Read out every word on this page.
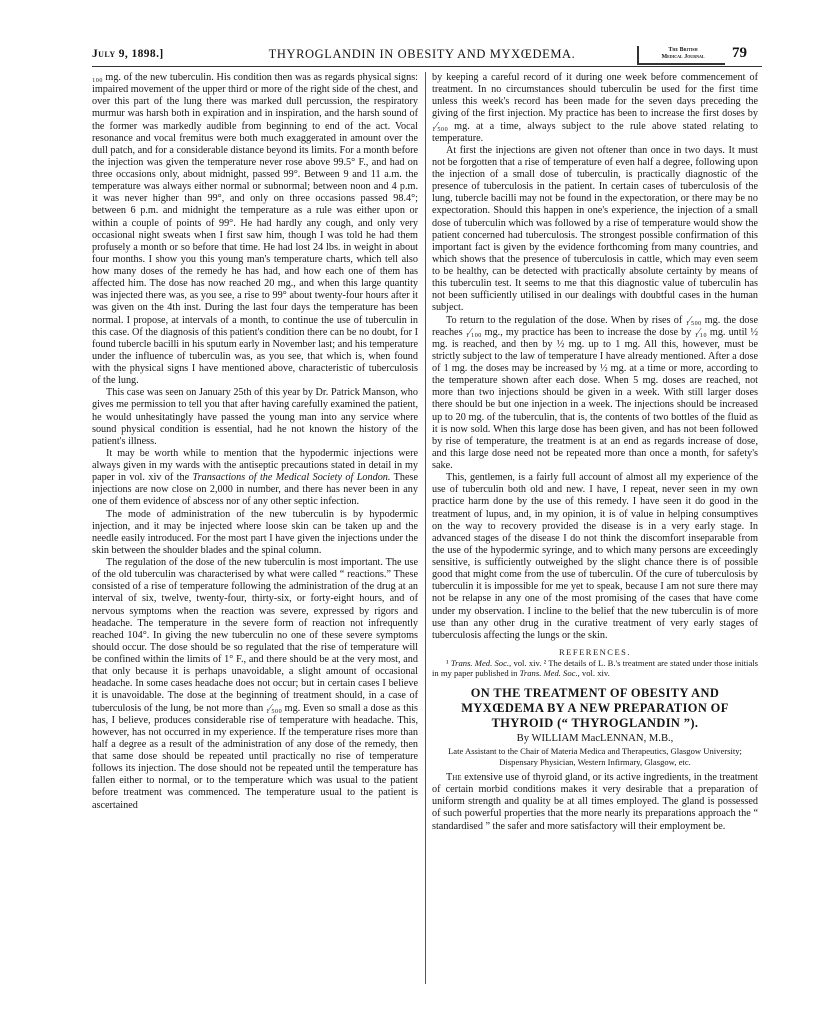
July 9, 1898.]	THYROGLANDIN IN OBESITY AND MYXŒDEMA.	The British
Medical Journal	79

₁₀₀ mg. of the new tuberculin. His condition then was as regards physical signs: impaired movement of the upper third or more of the right side of the chest, and over this part of the lung there was marked dull percussion, the respiratory murmur was harsh both in expiration and in inspiration, and the harsh sound of the former was markedly audible from beginning to end of the act. Vocal resonance and vocal fremitus were both much exaggerated in amount over the dull patch, and for a considerable distance beyond its limits. For a month before the injection was given the temperature never rose above 99.5° F., and had on three occasions only, about midnight, passed 99°. Between 9 and 11 a.m. the temperature was always either normal or subnormal; between noon and 4 p.m. it was never higher than 99°, and only on three occasions passed 98.4°; between 6 p.m. and midnight the temperature as a rule was either upon or within a couple of points of 99°. He had hardly any cough, and only very occasional night sweats when I first saw him, though I was told he had them profusely a month or so before that time. He had lost 24 lbs. in weight in about four months. I show you this young man's temperature charts, which tell also how many doses of the remedy he has had, and how each one of them has affected him. The dose has now reached 20 mg., and when this large quantity was injected there was, as you see, a rise to 99° about twenty-four hours after it was given on the 4th inst. During the last four days the temperature has been normal. I propose, at intervals of a month, to continue the use of tuberculin in this case. Of the diagnosis of this patient's condition there can be no doubt, for I found tubercle bacilli in his sputum early in November last; and his temperature under the influence of tuberculin was, as you see, that which is, when found with the physical signs I have mentioned above, characteristic of tuberculosis of the lung.

This case was seen on January 25th of this year by Dr. Patrick Manson, who gives me permission to tell you that after having carefully examined the patient, he would unhesitatingly have passed the young man into any service where sound physical condition is essential, had he not known the history of the patient's illness.

It may be worth while to mention that the hypodermic injections were always given in my wards with the antiseptic precautions stated in detail in my paper in vol. xiv of the Transactions of the Medical Society of London. These injections are now close on 2,000 in number, and there has never been in any one of them evidence of abscess nor of any other septic infection.

The mode of administration of the new tuberculin is by hypodermic injection, and it may be injected where loose skin can be taken up and the needle easily introduced. For the most part I have given the injections under the skin between the shoulder blades and the spinal column.

The regulation of the dose of the new tuberculin is most important. The use of the old tuberculin was characterised by what were called “ reactions.” These consisted of a rise of temperature following the administration of the drug at an interval of six, twelve, twenty-four, thirty-six, or forty-eight hours, and of nervous symptoms when the reaction was severe, expressed by rigors and headache. The temperature in the severe form of reaction not infrequently reached 104°. In giving the new tuberculin no one of these severe symptoms should occur. The dose should be so regulated that the rise of temperature will be confined within the limits of 1° F., and there should be at the very most, and that only because it is perhaps unavoidable, a slight amount of occasional headache. In some cases headache does not occur; but in certain cases I believe it is unavoidable. The dose at the beginning of treatment should, in a case of tuberculosis of the lung, be not more than ₁⁄₅₀₀ mg. Even so small a dose as this has, I believe, produces considerable rise of temperature with headache. This, however, has not occurred in my experience. If the temperature rises more than half a degree as a result of the administration of any dose of the remedy, then that same dose should be repeated until practically no rise of temperature follows its injection. The dose should not be repeated until the temperature has fallen either to normal, or to the temperature which was usual to the patient before treatment was commenced. The temperature usual to the patient is ascertained

by keeping a careful record of it during one week before commencement of treatment. In no circumstances should tuberculin be used for the first time unless this week's record has been made for the seven days preceding the giving of the first injection. My practice has been to increase the first doses by ₁⁄₅₀₀ mg. at a time, always subject to the rule above stated relating to temperature.

At first the injections are given not oftener than once in two days. It must not be forgotten that a rise of temperature of even half a degree, following upon the injection of a small dose of tuberculin, is practically diagnostic of the presence of tuberculosis in the patient. In certain cases of tuberculosis of the lung, tubercle bacilli may not be found in the expectoration, or there may be no expectoration. Should this happen in one's experience, the injection of a small dose of tuberculin which was followed by a rise of temperature would show the patient concerned had tuberculosis. The strongest possible confirmation of this important fact is given by the evidence forthcoming from many countries, and which shows that the presence of tuberculosis in cattle, which may even seem to be healthy, can be detected with practically absolute certainty by means of this tuberculin test. It seems to me that this diagnostic value of tuberculin has not been sufficiently utilised in our dealings with doubtful cases in the human subject.

To return to the regulation of the dose. When by rises of ₁⁄₅₀₀ mg. the dose reaches ₁⁄₁₀₀ mg., my practice has been to increase the dose by ₁⁄₁₀ mg. until ½ mg. is reached, and then by ½ mg. up to 1 mg. All this, however, must be strictly subject to the law of temperature I have already mentioned. After a dose of 1 mg. the doses may be increased by ½ mg. at a time or more, according to the temperature shown after each dose. When 5 mg. doses are reached, not more than two injections should be given in a week. With still larger doses there should be but one injection in a week. The injections should be increased up to 20 mg. of the tuberculin, that is, the contents of two bottles of the fluid as it is now sold. When this large dose has been given, and has not been followed by rise of temperature, the treatment is at an end as regards increase of dose, and this large dose need not be repeated more than once a month, for safety's sake.

This, gentlemen, is a fairly full account of almost all my experience of the use of tuberculin both old and new. I have, I repeat, never seen in my own practice harm done by the use of this remedy. I have seen it do good in the treatment of lupus, and, in my opinion, it is of value in helping consumptives on the way to recovery provided the disease is in a very early stage. In advanced stages of the disease I do not think the discomfort inseparable from the use of the hypodermic syringe, and to which many persons are exceedingly sensitive, is sufficiently outweighed by the slight chance there is of possible good that might come from the use of tuberculin. Of the cure of tuberculosis by tuberculin it is impossible for me yet to speak, because I am not sure there may not be relapse in any one of the most promising of the cases that have come under my observation. I incline to the belief that the new tuberculin is of more use than any other drug in the curative treatment of very early stages of tuberculosis affecting the lungs or the skin.

REFERENCES.

¹ Trans. Med. Soc., vol. xiv. ² The details of L. B.'s treatment are stated under those initials in my paper published in Trans. Med. Soc., vol. xiv.

ON THE TREATMENT OF OBESITY AND MYXŒDEMA BY A NEW PREPARATION OF THYROID (“ THYROGLANDIN ”).

By WILLIAM MacLENNAN, M.B.,

Late Assistant to the Chair of Materia Medica and Therapeutics, Glasgow University; Dispensary Physician, Western Infirmary, Glasgow, etc.

The extensive use of thyroid gland, or its active ingredients, in the treatment of certain morbid conditions makes it very desirable that a preparation of uniform strength and quality be at all times employed. The gland is possessed of such powerful properties that the more nearly its preparations approach the “ standardised ” the safer and more satisfactory will their employment be.
